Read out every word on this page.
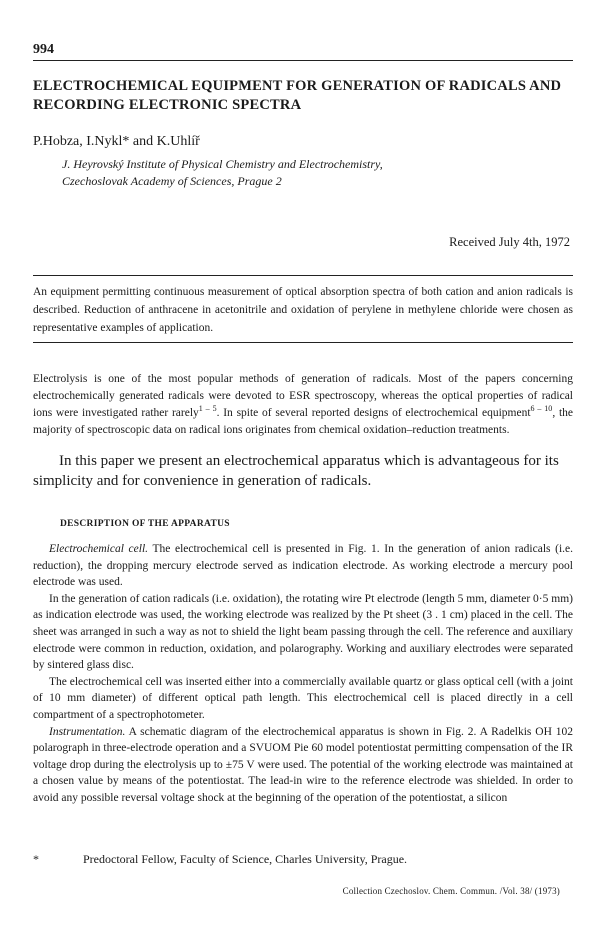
994
ELECTROCHEMICAL EQUIPMENT FOR GENERATION OF RADICALS AND RECORDING ELECTRONIC SPECTRA
P.Hobza, I.Nykl* and K.Uhlíř
J. Heyrovský Institute of Physical Chemistry and Electrochemistry,
Czechoslovak Academy of Sciences, Prague 2
Received July 4th, 1972

An equipment permitting continuous measurement of optical absorption spectra of both cation and anion radicals is described. Reduction of anthracene in acetonitrile and oxidation of perylene in methylene chloride were chosen as representative examples of application.

Electrolysis is one of the most popular methods of generation of radicals. Most of the papers concerning electrochemically generated radicals were devoted to ESR spectroscopy, whereas the optical properties of radical ions were investigated rather rarely$^{1 - 5}$. In spite of several reported designs of electrochemical equipment$^{6 - 10}$, the majority of spectroscopic data on radical ions originates from chemical oxidation–reduction treatments.

In this paper we present an electrochemical apparatus which is advantageous for its simplicity and for convenience in generation of radicals.

DESCRIPTION OF THE APPARATUS

Electrochemical cell. The electrochemical cell is presented in Fig. 1. In the generation of anion radicals (i.e. reduction), the dropping mercury electrode served as indication electrode. As working electrode a mercury pool electrode was used.

In the generation of cation radicals (i.e. oxidation), the rotating wire Pt electrode (length 5 mm, diameter 0·5 mm) as indication electrode was used, the working electrode was realized by the Pt sheet (3 . 1 cm) placed in the cell. The sheet was arranged in such a way as not to shield the light beam passing through the cell. The reference and auxiliary electrode were common in reduction, oxidation, and polarography. Working and auxiliary electrodes were separated by sintered glass disc.

The electrochemical cell was inserted either into a commercially available quartz or glass optical cell (with a joint of 10 mm diameter) of different optical path length. This electrochemical cell is placed directly in a cell compartment of a spectrophotometer.

Instrumentation. A schematic diagram of the electrochemical apparatus is shown in Fig. 2. A Radelkis OH 102 polarograph in three-electrode operation and a SVUOM Pie 60 model potentiostat permitting compensation of the IR voltage drop during the electrolysis up to ±75 V were used. The potential of the working electrode was maintained at a chosen value by means of the potentiostat. The lead-in wire to the reference electrode was shielded. In order to avoid any possible reversal voltage shock at the beginning of the operation of the potentiostat, a silicon

*	Predoctoral Fellow, Faculty of Science, Charles University, Prague.
Collection Czechoslov. Chem. Commun. /Vol. 38/ (1973)
